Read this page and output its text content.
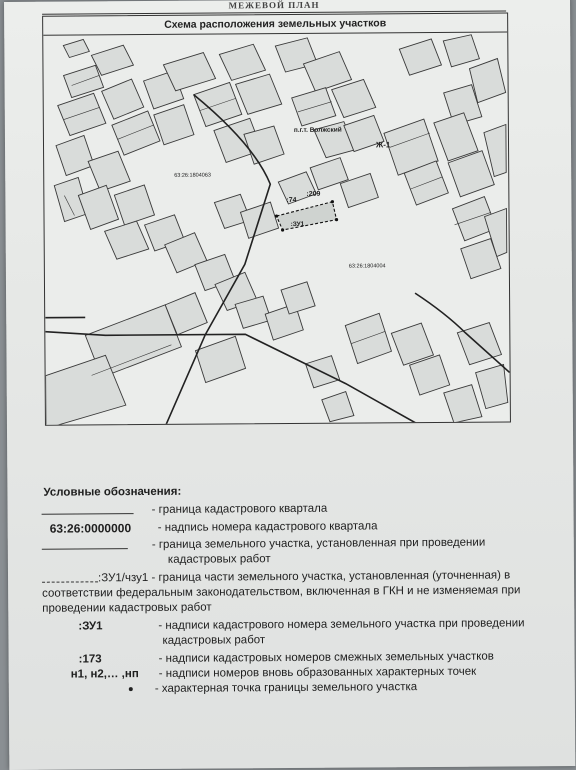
МЕЖЕВОЙ ПЛАН
Схема расположения земельных участков
п.г.т. Волжский
Ж-1
63:26:1804063
63:26:1804004
:74
:209
:ЗУ1
Условные обозначения:
- граница кадастрового квартала
63:26:0000000 - надпись номера кадастрового квартала
- граница земельного участка, установленная при проведении
кадастровых работ
:ЗУ1/чзу1 - граница части земельного участка, установленная (уточненная) в
соответствии федеральным законодательством, включенная в ГКН и не изменяемая при
проведении кадастровых работ
:ЗУ1	- надписи кадастрового номера земельного участка при проведении
кадастровых работ
:173	- надписи кадастровых номеров смежных земельных участков
н1, н2,… ,нп - надписи номеров вновь образованных характерных точек
- характерная точка границы земельного участка
